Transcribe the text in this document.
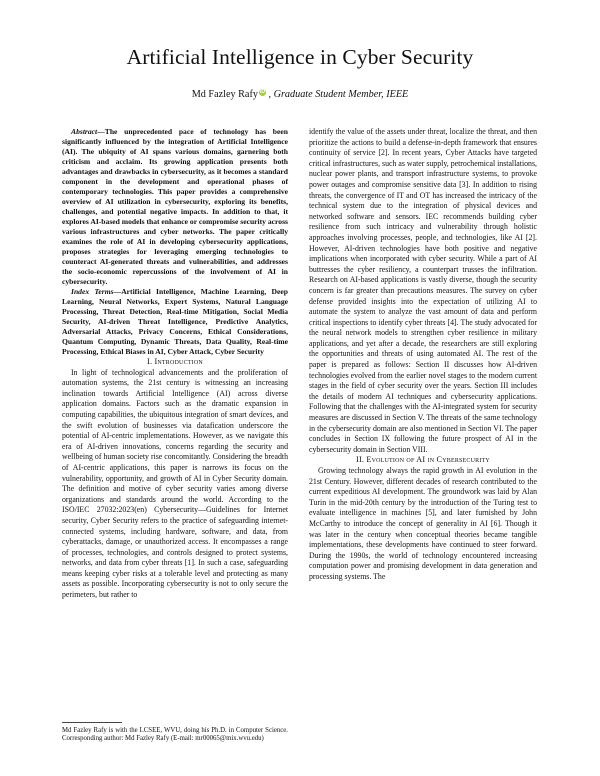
Artificial Intelligence in Cyber Security
Md Fazley Rafy iD , Graduate Student Member, IEEE

Abstract—The unprecedented pace of technology has been significantly influenced by the integration of Artificial Intelligence (AI). The ubiquity of AI spans various domains, garnering both criticism and acclaim. Its growing application presents both advantages and drawbacks in cybersecurity, as it becomes a standard component in the development and operational phases of contemporary technologies. This paper provides a comprehensive overview of AI utilization in cybersecurity, exploring its benefits, challenges, and potential negative impacts. In addition to that, it explores AI-based models that enhance or compromise security across various infrastructures and cyber networks. The paper critically examines the role of AI in developing cybersecurity applications, proposes strategies for leveraging emerging technologies to counteract AI-generated threats and vulnerabilities, and addresses the socio-economic repercussions of the involvement of AI in cybersecurity.

Index Terms—Artificial Intelligence, Machine Learning, Deep Learning, Neural Networks, Expert Systems, Natural Language Processing, Threat Detection, Real-time Mitigation, Social Media Security, AI-driven Threat Intelligence, Predictive Analytics, Adversarial Attacks, Privacy Concerns, Ethical Considerations, Quantum Computing, Dynamic Threats, Data Quality, Real-time Processing, Ethical Biases in AI, Cyber Attack, Cyber Security

I. Introduction

In light of technological advancements and the proliferation of automation systems, the 21st century is witnessing an increasing inclination towards Artificial Intelligence (AI) across diverse application domains. Factors such as the dramatic expansion in computing capabilities, the ubiquitous integration of smart devices, and the swift evolution of businesses via datafication underscore the potential of AI-centric implementations. However, as we navigate this era of AI-driven innovations, concerns regarding the security and wellbeing of human society rise concomitantly. Considering the breadth of AI-centric applications, this paper is narrows its focus on the vulnerability, opportunity, and growth of AI in Cyber Security domain. The definition and motive of cyber security varies among diverse organizations and standards around the world. According to the ISO/IEC 27032:2023(en) Cybersecurity—Guidelines for Internet security, Cyber Security refers to the practice of safeguarding internet-connected systems, including hardware, software, and data, from cyberattacks, damage, or unauthorized access. It encompasses a range of processes, technologies, and controls designed to protect systems, networks, and data from cyber threats [1]. In such a case, safeguarding means keeping cyber risks at a tolerable level and protecting as many assets as possible. Incorporating cybersecurity is not to only secure the perimeters, but rather to

Md Fazley Rafy is with the LCSEE, WVU, doing his Ph.D. in Computer Science. Corresponding author: Md Fazley Rafy (E-mail: mr00065@mix.wvu.edu)

identify the value of the assets under threat, localize the threat, and then prioritize the actions to build a defense-in-depth framework that ensures continuity of service [2]. In recent years, Cyber Attacks have targeted critical infrastructures, such as water supply, petrochemical installations, nuclear power plants, and transport infrastructure systems, to provoke power outages and compromise sensitive data [3]. In addition to rising threats, the convergence of IT and OT has increased the intricacy of the technical system due to the integration of physical devices and networked software and sensors. IEC recommends building cyber resilience from such intricacy and vulnerability through holistic approaches involving processes, people, and technologies, like AI [2]. However, AI-driven technologies have both positive and negative implications when incorporated with cyber security. While a part of AI buttresses the cyber resiliency, a counterpart trusses the infiltration. Research on AI-based applications is vastly diverse, though the security concern is far greater than precautions measures. The survey on cyber defense provided insights into the expectation of utilizing AI to automate the system to analyze the vast amount of data and perform critical inspections to identify cyber threats [4]. The study advocated for the neural network models to strengthen cyber resilience in military applications, and yet after a decade, the researchers are still exploring the opportunities and threats of using automated AI. The rest of the paper is prepared as follows: Section II discusses how AI-driven technologies evolved from the earlier novel stages to the modern current stages in the field of cyber security over the years. Section III includes the details of modern AI techniques and cybersecurity applications. Following that the challenges with the AI-integrated system for security measures are discussed in Section V. The threats of the same technology in the cybersecurity domain are also mentioned in Section VI. The paper concludes in Section IX following the future prospect of AI in the cybersecurity domain in Section VIII.

II. Evolution of AI in Cybersecurity

Growing technology always the rapid growth in AI evolution in the 21st Century. However, different decades of research contributed to the current expeditious AI development. The groundwork was laid by Alan Turin in the mid-20th century by the introduction of the Turing test to evaluate intelligence in machines [5], and later furnished by John McCarthy to introduce the concept of generality in AI [6]. Though it was later in the century when conceptual theories became tangible implementations, these developments have continued to steer forward. During the 1990s, the world of technology encountered increasing computation power and promising development in data generation and processing systems. The
